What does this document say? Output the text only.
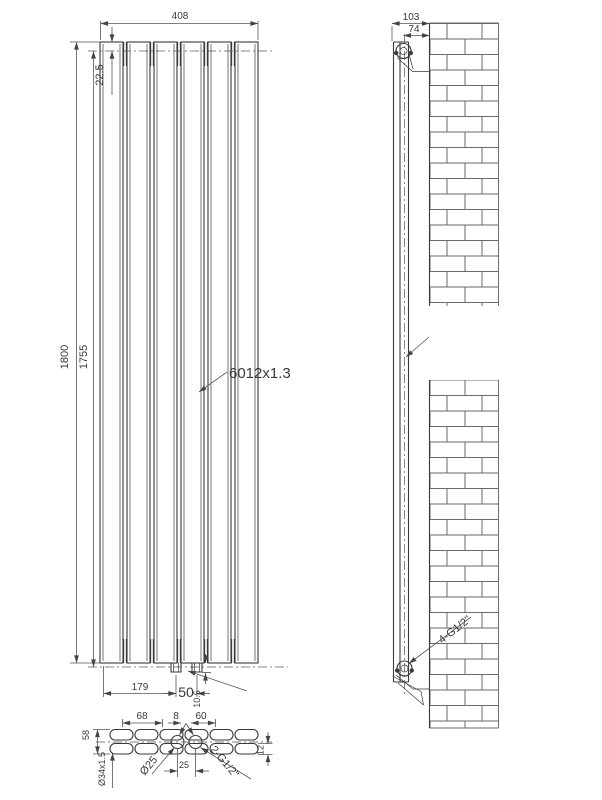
408
22.5
1800 1755
6012x1.3
179 50
10.5
103
74
4-G1/2"
68	8 60
58
Ø34x1.5
12
25
Ø25	2-G1/2"
